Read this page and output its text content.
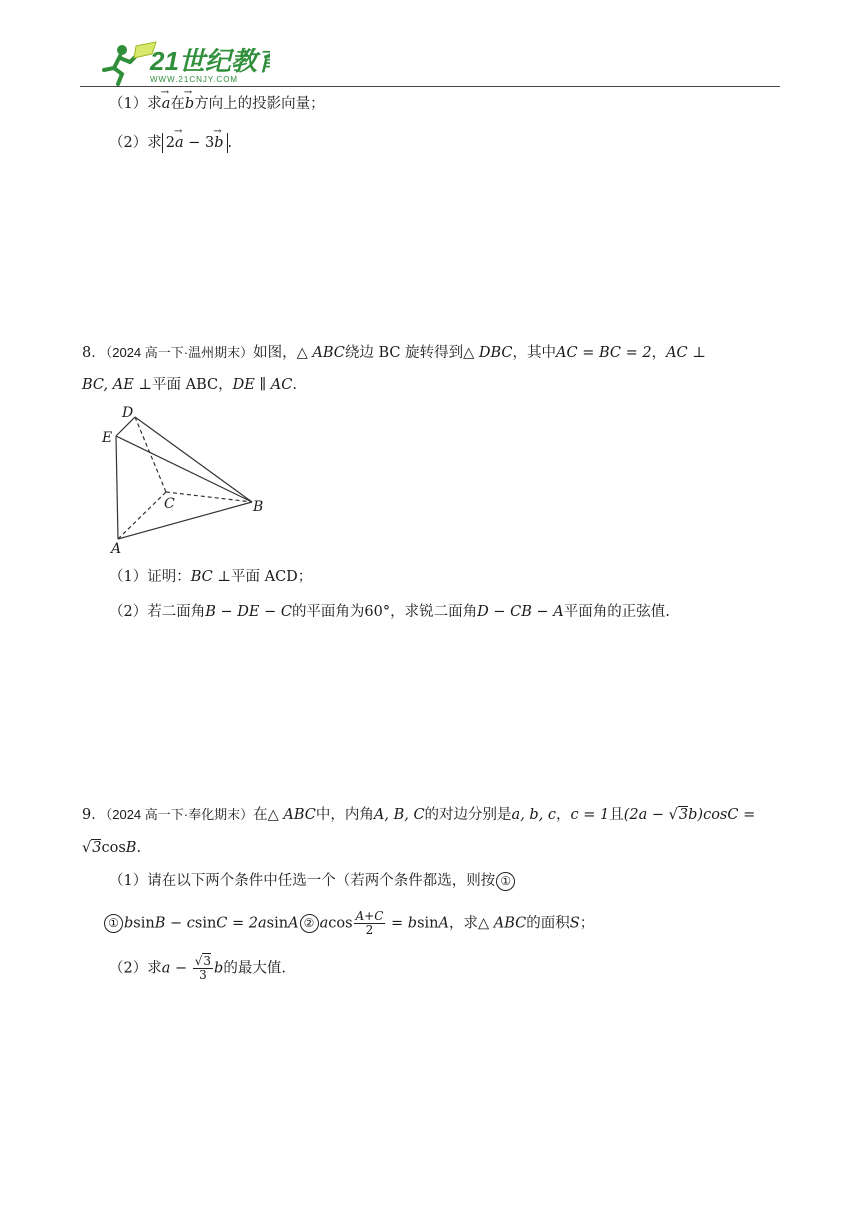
21世纪教育
WWW.21CNJY.COM
（1）求→ a在→ b方向上的投影向量；
（2）求 2→ a − 3→ b .
8．（2024 高一下·温州期末）如图，△ ABC绕边 BC 旋转得到△ DBC，其中AC = BC = 2，AC ⊥
BC, AE ⊥平面 ABC，DE ∥ AC.
D
E
C	B
A
（1）证明：BC ⊥平面 ACD；
（2）若二面角B − DE − C的平面角为60°，求锐二面角D − CB − A平面角的正弦值.
9．（2024 高一下·奉化期末）在△ ABC中，内角A, B, C的对边分别是a, b, c，c = 1且(2a − √3b)cosC =
√3cosB.
（1）请在以下两个条件中任选一个（若两个条件都选，则按 ①
① bsinB − csinC = 2asinA ② acos $\frac{A+C}{2} = bsinA$，求△ ABC的面积S；
（2）求$a - \frac{√3}{3}$ b的最大值.
